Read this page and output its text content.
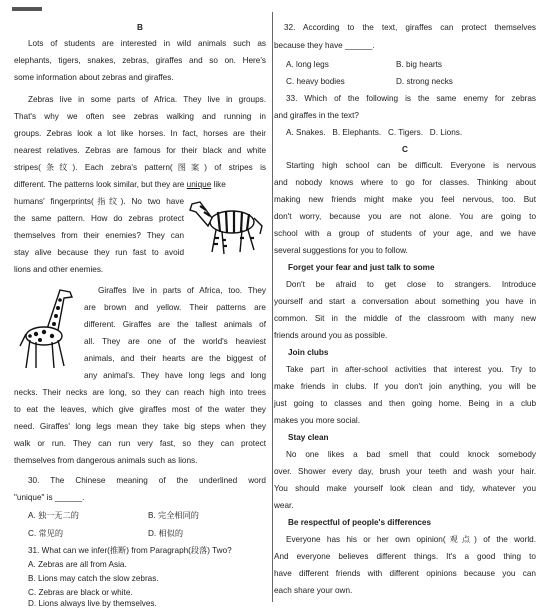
B
Lots of students are interested in wild animals such as
elephants, tigers, snakes, zebras, giraffes and so on. Here's
some information about zebras and giraffes.
Zebras live in some parts of Africa. They live in groups.
That's why we often see zebras walking and running in
groups. Zebras look a lot like horses. In fact, horses are their
nearest relatives. Zebras are famous for their black and white
stripes(条纹). Each zebra's pattern(图案) of stripes is
different. The patterns look similar, but they are unique like
humans' fingerprints(指纹). No two have
the same pattern. How do zebras protect
themselves from their enemies? They can
stay alive because they run fast to avoid
lions and other enemies.
Giraffes live in parts of Africa, too. They
are brown and yellow. Their patterns are
different. Giraffes are the tallest animals of
all. They are one of the world's heaviest
animals, and their hearts are the biggest of
any animal's. They have long legs and long
necks. Their necks are long, so they can reach high into trees
to eat the leaves, which give giraffes most of the water they
need. Giraffes' long legs mean they take big steps when they
walk or run. They can run very fast, so they can protect
themselves from dangerous animals such as lions.
30. The Chinese meaning of the underlined word
"unique" is ______.
A. 独一无二的	B. 完全相同的
C. 常见的	D. 相似的
31. What can we infer(推断) from Paragraph(段落) Two?
A. Zebras are all from Asia.
B. Lions may catch the slow zebras.
C. Zebras are black or white.
D. Lions always live by themselves.
32. According to the text, giraffes can protect themselves
because they have ______.
A. long legs	B. big hearts
C. heavy bodies	D. strong necks
33. Which of the following is the same enemy for zebras
and giraffes in the text?
A. Snakes.   B. Elephants.   C. Tigers.   D. Lions.
C
Starting high school can be difficult. Everyone is nervous
and nobody knows where to go for classes. Thinking about
making new friends might make you feel nervous, too. But
don't worry, because you are not alone. You are going to
school with a group of students of your age, and we have
several suggestions for you to follow.
Forget your fear and just talk to some
Don't be afraid to get close to strangers. Introduce
yourself and start a conversation about something you have in
common. Sit in the middle of the classroom with many new
friends around you as possible.
Join clubs
Take part in after-school activities that interest you. Try to
make friends in clubs. If you don't join anything, you will be
just going to classes and then going home. Being in a club
makes you more social.
Stay clean
No one likes a bad smell that could knock somebody
over. Shower every day, brush your teeth and wash your hair.
You should make yourself look clean and tidy, whatever you
wear.
Be respectful of people's differences
Everyone has his or her own opinion(观点) of the world.
And everyone believes different things. It's a good thing to
have different friends with different opinions because you can
each share your own.
